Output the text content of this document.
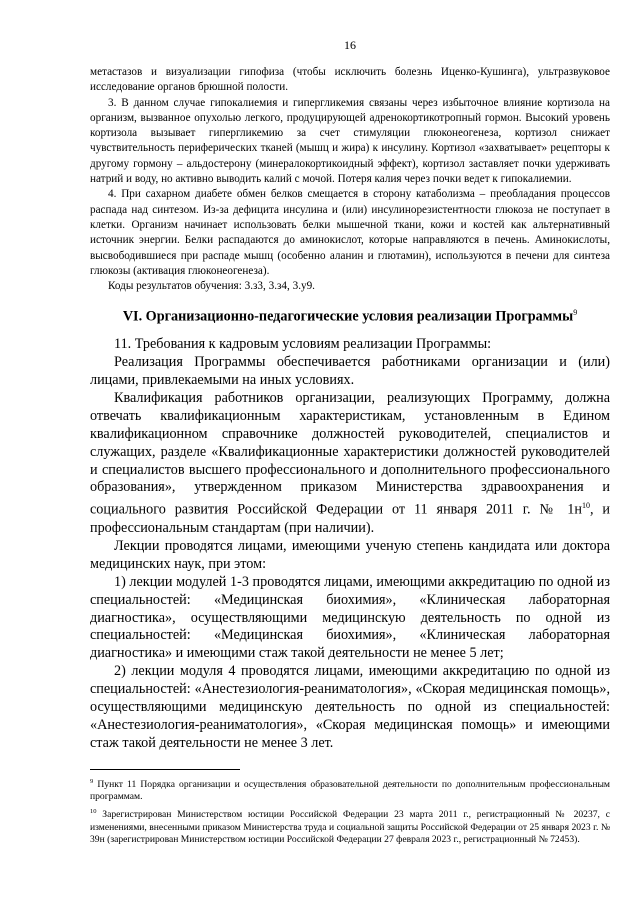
16

метастазов и визуализации гипофиза (чтобы исключить болезнь Иценко-Кушинга), ультразвуковое исследование органов брюшной полости.

3. В данном случае гипокалиемия и гипергликемия связаны через избыточное влияние кортизола на организм, вызванное опухолью легкого, продуцирующей адренокортикотропный гормон. Высокий уровень кортизола вызывает гипергликемию за счет стимуляции глюконеогенеза, кортизол снижает чувствительность периферических тканей (мышц и жира) к инсулину. Кортизол «захватывает» рецепторы к другому гормону – альдостерону (минералокортикоидный эффект), кортизол заставляет почки удерживать натрий и воду, но активно выводить калий с мочой. Потеря калия через почки ведет к гипокалиемии.

4. При сахарном диабете обмен белков смещается в сторону катаболизма – преобладания процессов распада над синтезом. Из-за дефицита инсулина и (или) инсулинорезистентности глюкоза не поступает в клетки. Организм начинает использовать белки мышечной ткани, кожи и костей как альтернативный источник энергии. Белки распадаются до аминокислот, которые направляются в печень. Аминокислоты, высвободившиеся при распаде мышц (особенно аланин и глютамин), используются в печени для синтеза глюкозы (активация глюконеогенеза).

Коды результатов обучения: 3.з3, 3.з4, 3.у9.

VI. Организационно-педагогические условия реализации Программы$^9$

11. Требования к кадровым условиям реализации Программы:

Реализация Программы обеспечивается работниками организации и (или) лицами, привлекаемыми на иных условиях.

Квалификация работников организации, реализующих Программу, должна отвечать квалификационным характеристикам, установленным в Едином квалификационном справочнике должностей руководителей, специалистов и служащих, разделе «Квалификационные характеристики должностей руководителей и специалистов высшего профессионального и дополнительного профессионального образования», утвержденном приказом Министерства здравоохранения и социального развития Российской Федерации от 11 января 2011 г. № $1н^{10}$, и профессиональным стандартам (при наличии).

Лекции проводятся лицами, имеющими ученую степень кандидата или доктора медицинских наук, при этом:

1) лекции модулей 1-3 проводятся лицами, имеющими аккредитацию по одной из специальностей: «Медицинская биохимия», «Клиническая лабораторная диагностика», осуществляющими медицинскую деятельность по одной из специальностей: «Медицинская биохимия», «Клиническая лабораторная диагностика» и имеющими стаж такой деятельности не менее 5 лет;

2) лекции модуля 4 проводятся лицами, имеющими аккредитацию по одной из специальностей: «Анестезиология-реаниматология», «Скорая медицинская помощь», осуществляющими медицинскую деятельность по одной из специальностей: «Анестезиология-реаниматология», «Скорая медицинская помощь» и имеющими стаж такой деятельности не менее 3 лет.

$^9$ Пункт 11 Порядка организации и осуществления образовательной деятельности по дополнительным профессиональным программам.

$^{10}$ Зарегистрирован Министерством юстиции Российской Федерации 23 марта 2011 г., регистрационный № 20237, с изменениями, внесенными приказом Министерства труда и социальной защиты Российской Федерации от 25 января 2023 г. № 39н (зарегистрирован Министерством юстиции Российской Федерации 27 февраля 2023 г., регистрационный № 72453).
